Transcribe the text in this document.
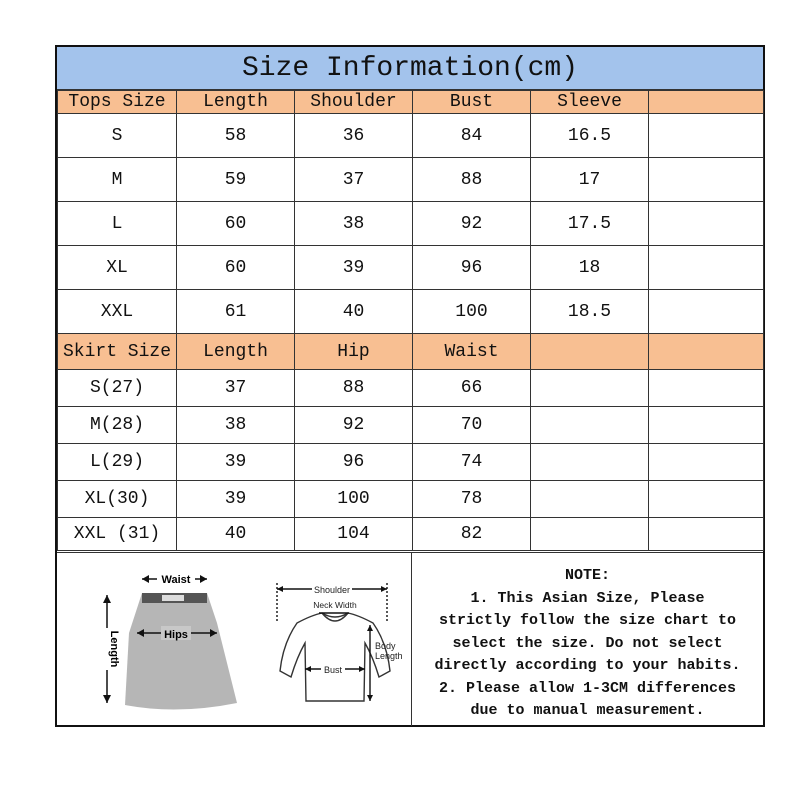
Size Information(cm)
Tops Size	Length	Shoulder	Bust	Sleeve	
S	58	36	84	16.5	
M	59	37	88	17	
L	60	38	92	17.5	
XL	60	39	96	18	
XXL	61	40	100	18.5	
Skirt Size	Length	Hip	Waist		
S(27)	37	88	66		
M(28)	38	92	70		
L(29)	39	96	74		
XL(30)	39	100	78		
XXL (31)	40	104	82		
Waist
Hips
Length
Shoulder
Neck Width
Bust
Body
Length
NOTE:
1. This Asian Size, Please
strictly follow the size chart to
select the size. Do not select
directly according to your habits.
2. Please allow 1-3CM differences
due to manual measurement.
